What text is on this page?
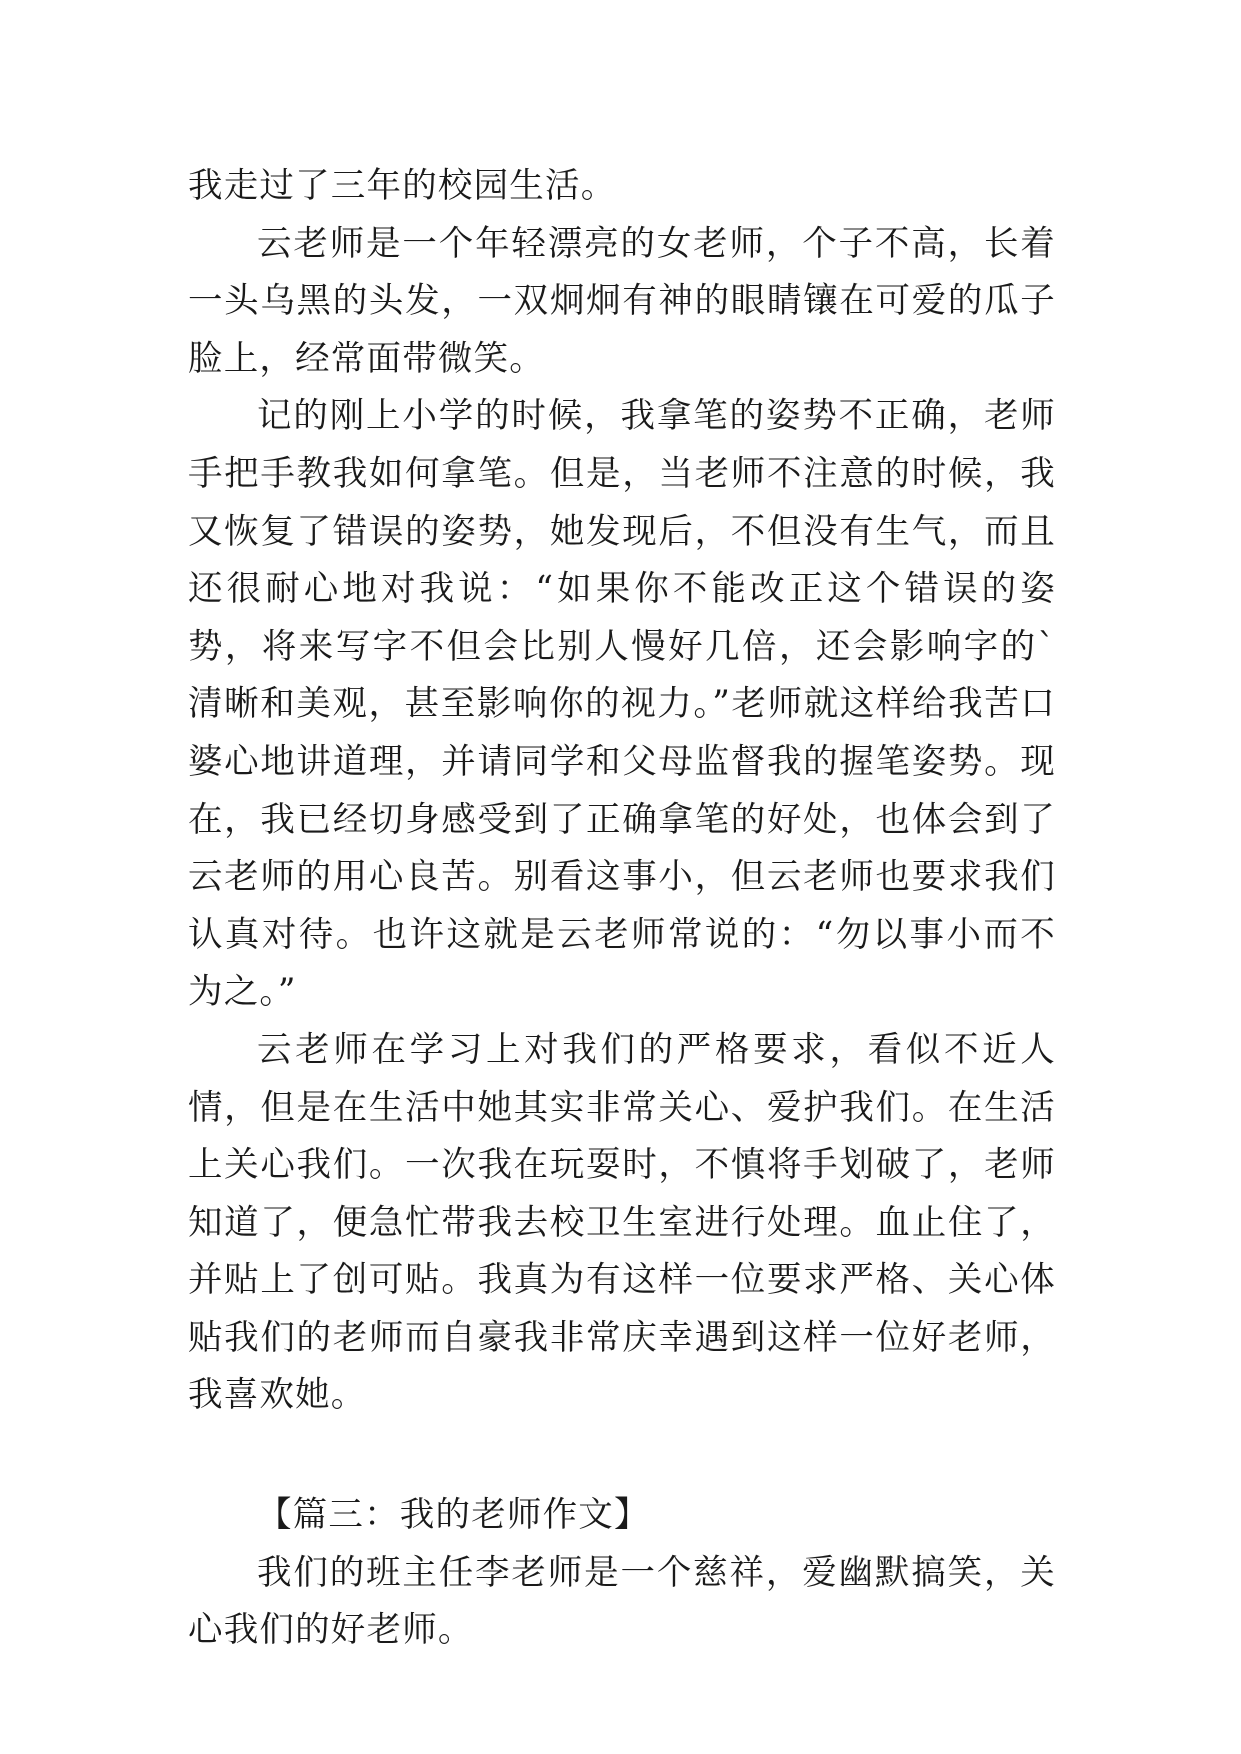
我走过了三年的校园生活。

云老师是一个年轻漂亮的女老师，个子不高，长着一头乌黑的头发，一双炯炯有神的眼睛镶在可爱的瓜子脸上，经常面带微笑。

记的刚上小学的时候，我拿笔的姿势不正确，老师手把手教我如何拿笔。但是，当老师不注意的时候，我又恢复了错误的姿势，她发现后，不但没有生气，而且还很耐心地对我说：“如果你不能改正这个错误的姿势，将来写字不但会比别人慢好几倍，还会影响字的`清晰和美观，甚至影响你的视力。”老师就这样给我苦口婆心地讲道理，并请同学和父母监督我的握笔姿势。现在，我已经切身感受到了正确拿笔的好处，也体会到了云老师的用心良苦。别看这事小，但云老师也要求我们认真对待。也许这就是云老师常说的：“勿以事小而不为之。”

云老师在学习上对我们的严格要求，看似不近人情，但是在生活中她其实非常关心、爱护我们。在生活上关心我们。一次我在玩耍时，不慎将手划破了，老师知道了，便急忙带我去校卫生室进行处理。血止住了，并贴上了创可贴。我真为有这样一位要求严格、关心体贴我们的老师而自豪我非常庆幸遇到这样一位好老师，我喜欢她。

【篇三：我的老师作文】

我们的班主任李老师是一个慈祥，爱幽默搞笑，关心我们的好老师。
